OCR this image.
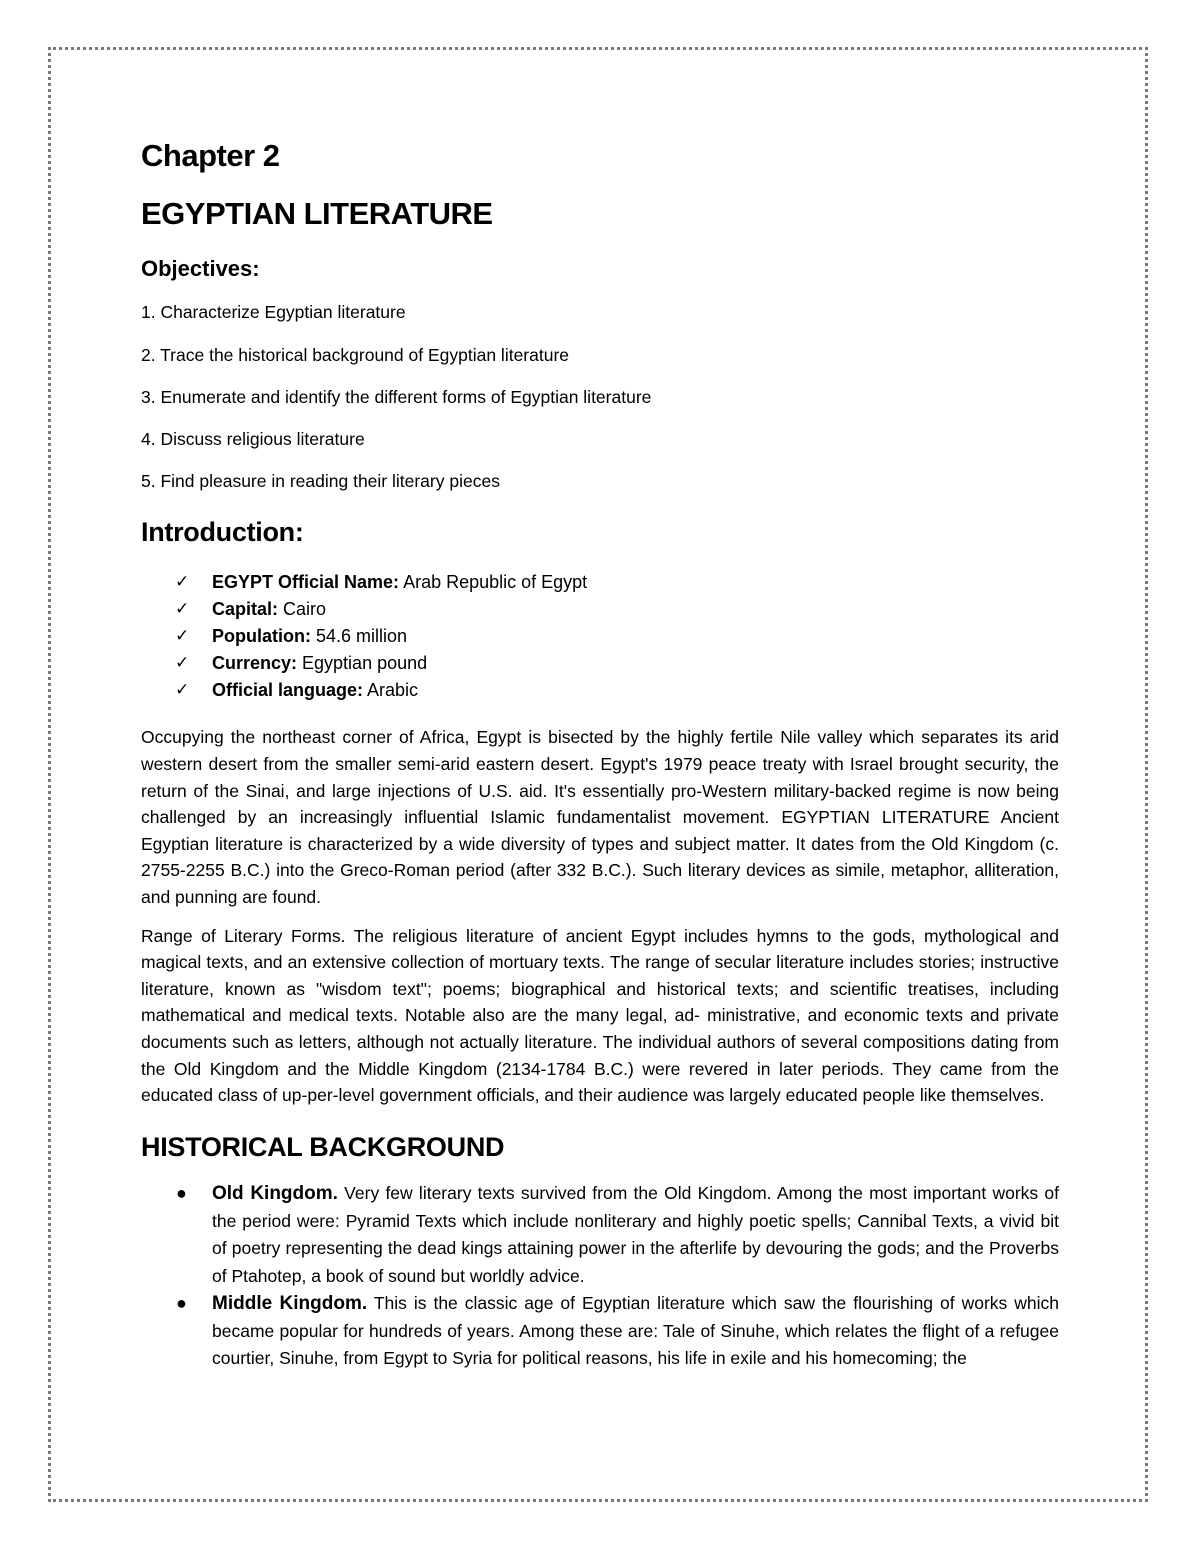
Chapter 2
EGYPTIAN LITERATURE
Objectives:
1. Characterize Egyptian literature
2. Trace the historical background of Egyptian literature
3. Enumerate and identify the different forms of Egyptian literature
4. Discuss religious literature
5. Find pleasure in reading their literary pieces
Introduction:
✓ EGYPT Official Name: Arab Republic of Egypt
✓ Capital: Cairo
✓ Population: 54.6 million
✓ Currency: Egyptian pound
✓ Official language: Arabic

Occupying the northeast corner of Africa, Egypt is bisected by the highly fertile Nile valley which separates its arid western desert from the smaller semi-arid eastern desert. Egypt's 1979 peace treaty with Israel brought security, the return of the Sinai, and large injections of U.S. aid. It's essentially pro-Western military-backed regime is now being challenged by an increasingly influential Islamic fundamentalist movement. EGYPTIAN LITERATURE Ancient Egyptian literature is characterized by a wide diversity of types and subject matter. It dates from the Old Kingdom (c. 2755-2255 B.C.) into the Greco-Roman period (after 332 B.C.). Such literary devices as simile, metaphor, alliteration, and punning are found.

Range of Literary Forms. The religious literature of ancient Egypt includes hymns to the gods, mythological and magical texts, and an extensive collection of mortuary texts. The range of secular literature includes stories; instructive literature, known as "wisdom text"; poems; biographical and historical texts; and scientific treatises, including mathematical and medical texts. Notable also are the many legal, ad- ministrative, and economic texts and private documents such as letters, although not actually literature. The individual authors of several compositions dating from the Old Kingdom and the Middle Kingdom (2134-1784 B.C.) were revered in later periods. They came from the educated class of up-per-level government officials, and their audience was largely educated people like themselves.

HISTORICAL BACKGROUND
● Old Kingdom. Very few literary texts survived from the Old Kingdom. Among the most important works of the period were: Pyramid Texts which include nonliterary and highly poetic spells; Cannibal Texts, a vivid bit of poetry representing the dead kings attaining power in the afterlife by devouring the gods; and the Proverbs of Ptahotep, a book of sound but worldly advice.
● Middle Kingdom. This is the classic age of Egyptian literature which saw the flourishing of works which became popular for hundreds of years. Among these are: Tale of Sinuhe, which relates the flight of a refugee courtier, Sinuhe, from Egypt to Syria for political reasons, his life in exile and his homecoming; the
